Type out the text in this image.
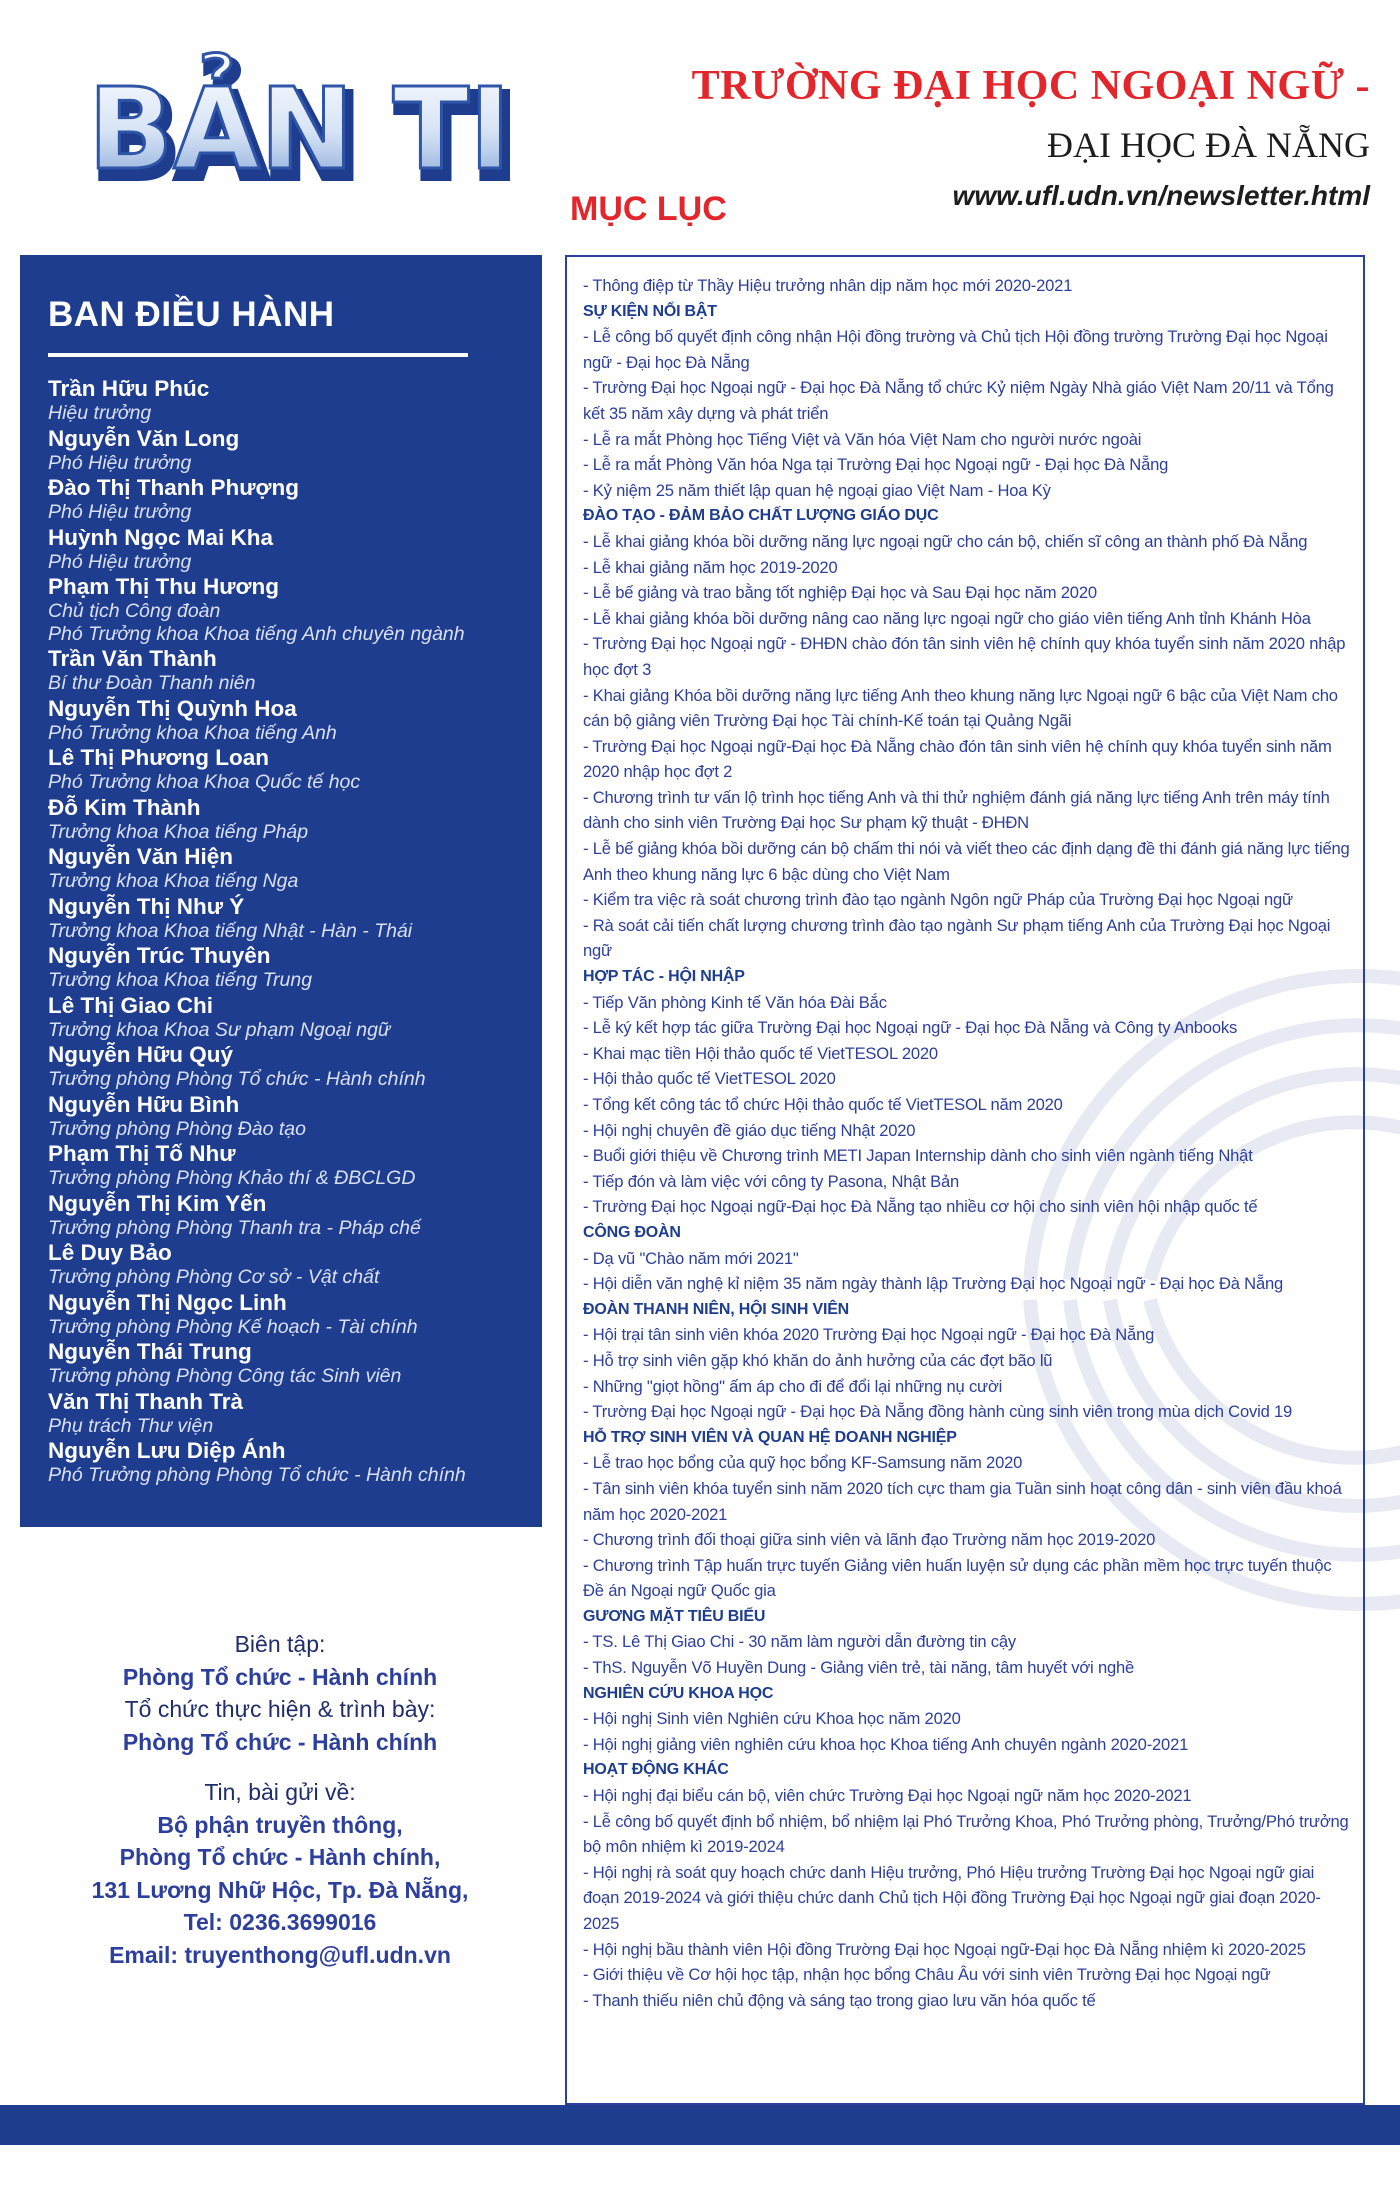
BẢN TI
BẢN TI	TRƯỜNG ĐẠI HỌC NGOẠI NGỮ -
ĐẠI HỌC ĐÀ NẴNG
www.ufl.udn.vn/newsletter.html
MỤC LỤC
BAN ĐIỀU HÀNH
Trần Hữu Phúc
Hiệu trưởng
Nguyễn Văn Long
Phó Hiệu trưởng
Đào Thị Thanh Phượng
Phó Hiệu trưởng
Huỳnh Ngọc Mai Kha
Phó Hiệu trưởng
Phạm Thị Thu Hương
Chủ tịch Công đoàn
Phó Trưởng khoa Khoa tiếng Anh chuyên ngành
Trần Văn Thành
Bí thư Đoàn Thanh niên
Nguyễn Thị Quỳnh Hoa
Phó Trưởng khoa Khoa tiếng Anh
Lê Thị Phương Loan
Phó Trưởng khoa Khoa Quốc tế học
Đỗ Kim Thành
Trưởng khoa Khoa tiếng Pháp
Nguyễn Văn Hiện
Trưởng khoa Khoa tiếng Nga
Nguyễn Thị Như Ý
Trưởng khoa Khoa tiếng Nhật - Hàn - Thái
Nguyễn Trúc Thuyên
Trưởng khoa Khoa tiếng Trung
Lê Thị Giao Chi
Trưởng khoa Khoa Sư phạm Ngoại ngữ
Nguyễn Hữu Quý
Trưởng phòng Phòng Tổ chức - Hành chính
Nguyễn Hữu Bình
Trưởng phòng Phòng Đào tạo
Phạm Thị Tố Như
Trưởng phòng Phòng Khảo thí & ĐBCLGD
Nguyễn Thị Kim Yến
Trưởng phòng Phòng Thanh tra - Pháp chế
Lê Duy Bảo
Trưởng phòng Phòng Cơ sở - Vật chất
Nguyễn Thị Ngọc Linh
Trưởng phòng Phòng Kế hoạch - Tài chính
Nguyễn Thái Trung
Trưởng phòng Phòng Công tác Sinh viên
Văn Thị Thanh Trà
Phụ trách Thư viện
Nguyễn Lưu Diệp Ánh
Phó Trưởng phòng Phòng Tổ chức - Hành chính
Biên tập:
Phòng Tổ chức - Hành chính
Tổ chức thực hiện & trình bày:
Phòng Tổ chức - Hành chính
Tin, bài gửi về:
Bộ phận truyền thông,
Phòng Tổ chức - Hành chính,
131 Lương Nhữ Hộc, Tp. Đà Nẵng,
Tel: 0236.3699016
Email: truyenthong@ufl.udn.vn
- Thông điệp từ Thầy Hiệu trưởng nhân dịp năm học mới 2020-2021
SỰ KIỆN NỔI BẬT
- Lễ công bố quyết định công nhận Hội đồng trường và Chủ tịch Hội đồng trường Trường Đại học Ngoại ngữ - Đại học Đà Nẵng
- Trường Đại học Ngoại ngữ - Đại học Đà Nẵng tổ chức Kỷ niệm Ngày Nhà giáo Việt Nam 20/11 và Tổng kết 35 năm xây dựng và phát triển
- Lễ ra mắt Phòng học Tiếng Việt và Văn hóa Việt Nam cho người nước ngoài
- Lễ ra mắt Phòng Văn hóa Nga tại Trường Đại học Ngoại ngữ - Đại học Đà Nẵng
- Kỷ niệm 25 năm thiết lập quan hệ ngoại giao Việt Nam - Hoa Kỳ
ĐÀO TẠO - ĐẢM BẢO CHẤT LƯỢNG GIÁO DỤC
- Lễ khai giảng khóa bồi dưỡng năng lực ngoại ngữ cho cán bộ, chiến sĩ công an thành phố Đà Nẵng
- Lễ khai giảng năm học 2019-2020
- Lễ bế giảng và trao bằng tốt nghiệp Đại học và Sau Đại học năm 2020
- Lễ khai giảng khóa bồi dưỡng nâng cao năng lực ngoại ngữ cho giáo viên tiếng Anh tỉnh Khánh Hòa
- Trường Đại học Ngoại ngữ - ĐHĐN chào đón tân sinh viên hệ chính quy khóa tuyển sinh năm 2020 nhập học đợt 3
- Khai giảng Khóa bồi dưỡng năng lực tiếng Anh theo khung năng lực Ngoại ngữ 6 bậc của Việt Nam cho cán bộ giảng viên Trường Đại học Tài chính-Kế toán tại Quảng Ngãi
- Trường Đại học Ngoại ngữ-Đại học Đà Nẵng chào đón tân sinh viên hệ chính quy khóa tuyển sinh năm 2020 nhập học đợt 2
- Chương trình tư vấn lộ trình học tiếng Anh và thi thử nghiệm đánh giá năng lực tiếng Anh trên máy tính dành cho sinh viên Trường Đại học Sư phạm kỹ thuật - ĐHĐN
- Lễ bế giảng khóa bồi dưỡng cán bộ chấm thi nói và viết theo các định dạng đề thi đánh giá năng lực tiếng Anh theo khung năng lực 6 bậc dùng cho Việt Nam
- Kiểm tra việc rà soát chương trình đào tạo ngành Ngôn ngữ Pháp của Trường Đại học Ngoại ngữ
- Rà soát cải tiến chất lượng chương trình đào tạo ngành Sư phạm tiếng Anh của Trường Đại học Ngoại ngữ
HỢP TÁC - HỘI NHẬP
- Tiếp Văn phòng Kinh tế Văn hóa Đài Bắc
- Lễ ký kết hợp tác giữa Trường Đại học Ngoại ngữ - Đại học Đà Nẵng và Công ty Anbooks
- Khai mạc tiền Hội thảo quốc tế VietTESOL 2020
- Hội thảo quốc tế VietTESOL 2020
- Tổng kết công tác tổ chức Hội thảo quốc tế VietTESOL năm 2020
- Hội nghị chuyên đề giáo dục tiếng Nhật 2020
- Buổi giới thiệu về Chương trình METI Japan Internship dành cho sinh viên ngành tiếng Nhật
- Tiếp đón và làm việc với công ty Pasona, Nhật Bản
- Trường Đại học Ngoại ngữ-Đại học Đà Nẵng tạo nhiều cơ hội cho sinh viên hội nhập quốc tế
CÔNG ĐOÀN
- Dạ vũ "Chào năm mới 2021"
- Hội diễn văn nghệ kỉ niệm 35 năm ngày thành lập Trường Đại học Ngoại ngữ - Đại học Đà Nẵng
ĐOÀN THANH NIÊN, HỘI SINH VIÊN
- Hội trại tân sinh viên khóa 2020 Trường Đại học Ngoại ngữ - Đại học Đà Nẵng
- Hỗ trợ sinh viên gặp khó khăn do ảnh hưởng của các đợt bão lũ
- Những "giọt hồng" ấm áp cho đi để đổi lại những nụ cười
- Trường Đại học Ngoại ngữ - Đại học Đà Nẵng đồng hành cùng sinh viên trong mùa dịch Covid 19
HỖ TRỢ SINH VIÊN VÀ QUAN HỆ DOANH NGHIỆP
- Lễ trao học bổng của quỹ học bổng KF-Samsung năm 2020
- Tân sinh viên khóa tuyển sinh năm 2020 tích cực tham gia Tuần sinh hoạt công dân - sinh viên đầu khoá năm học 2020-2021
- Chương trình đối thoại giữa sinh viên và lãnh đạo Trường năm học 2019-2020
- Chương trình Tập huấn trực tuyến Giảng viên huấn luyện sử dụng các phần mềm học trực tuyến thuộc Đề án Ngoại ngữ Quốc gia
GƯƠNG MẶT TIÊU BIỂU
- TS. Lê Thị Giao Chi - 30 năm làm người dẫn đường tin cậy
- ThS. Nguyễn Võ Huyền Dung - Giảng viên trẻ, tài năng, tâm huyết với nghề
NGHIÊN CỨU KHOA HỌC
- Hội nghị Sinh viên Nghiên cứu Khoa học năm 2020
- Hội nghị giảng viên nghiên cứu khoa học Khoa tiếng Anh chuyên ngành 2020-2021
HOẠT ĐỘNG KHÁC
- Hội nghị đại biểu cán bộ, viên chức Trường Đại học Ngoại ngữ năm học 2020-2021
- Lễ công bố quyết định bổ nhiệm, bổ nhiệm lại Phó Trưởng Khoa, Phó Trưởng phòng, Trưởng/Phó trưởng bộ môn nhiệm kì 2019-2024
- Hội nghị rà soát quy hoạch chức danh Hiệu trưởng, Phó Hiệu trưởng Trường Đại học Ngoại ngữ giai đoạn 2019-2024 và giới thiệu chức danh Chủ tịch Hội đồng Trường Đại học Ngoại ngữ giai đoạn 2020-2025
- Hội nghị bầu thành viên Hội đồng Trường Đại học Ngoại ngữ-Đại học Đà Nẵng nhiệm kì 2020-2025
- Giới thiệu về Cơ hội học tập, nhận học bổng Châu Âu với sinh viên Trường Đại học Ngoại ngữ
- Thanh thiếu niên chủ động và sáng tạo trong giao lưu văn hóa quốc tế
